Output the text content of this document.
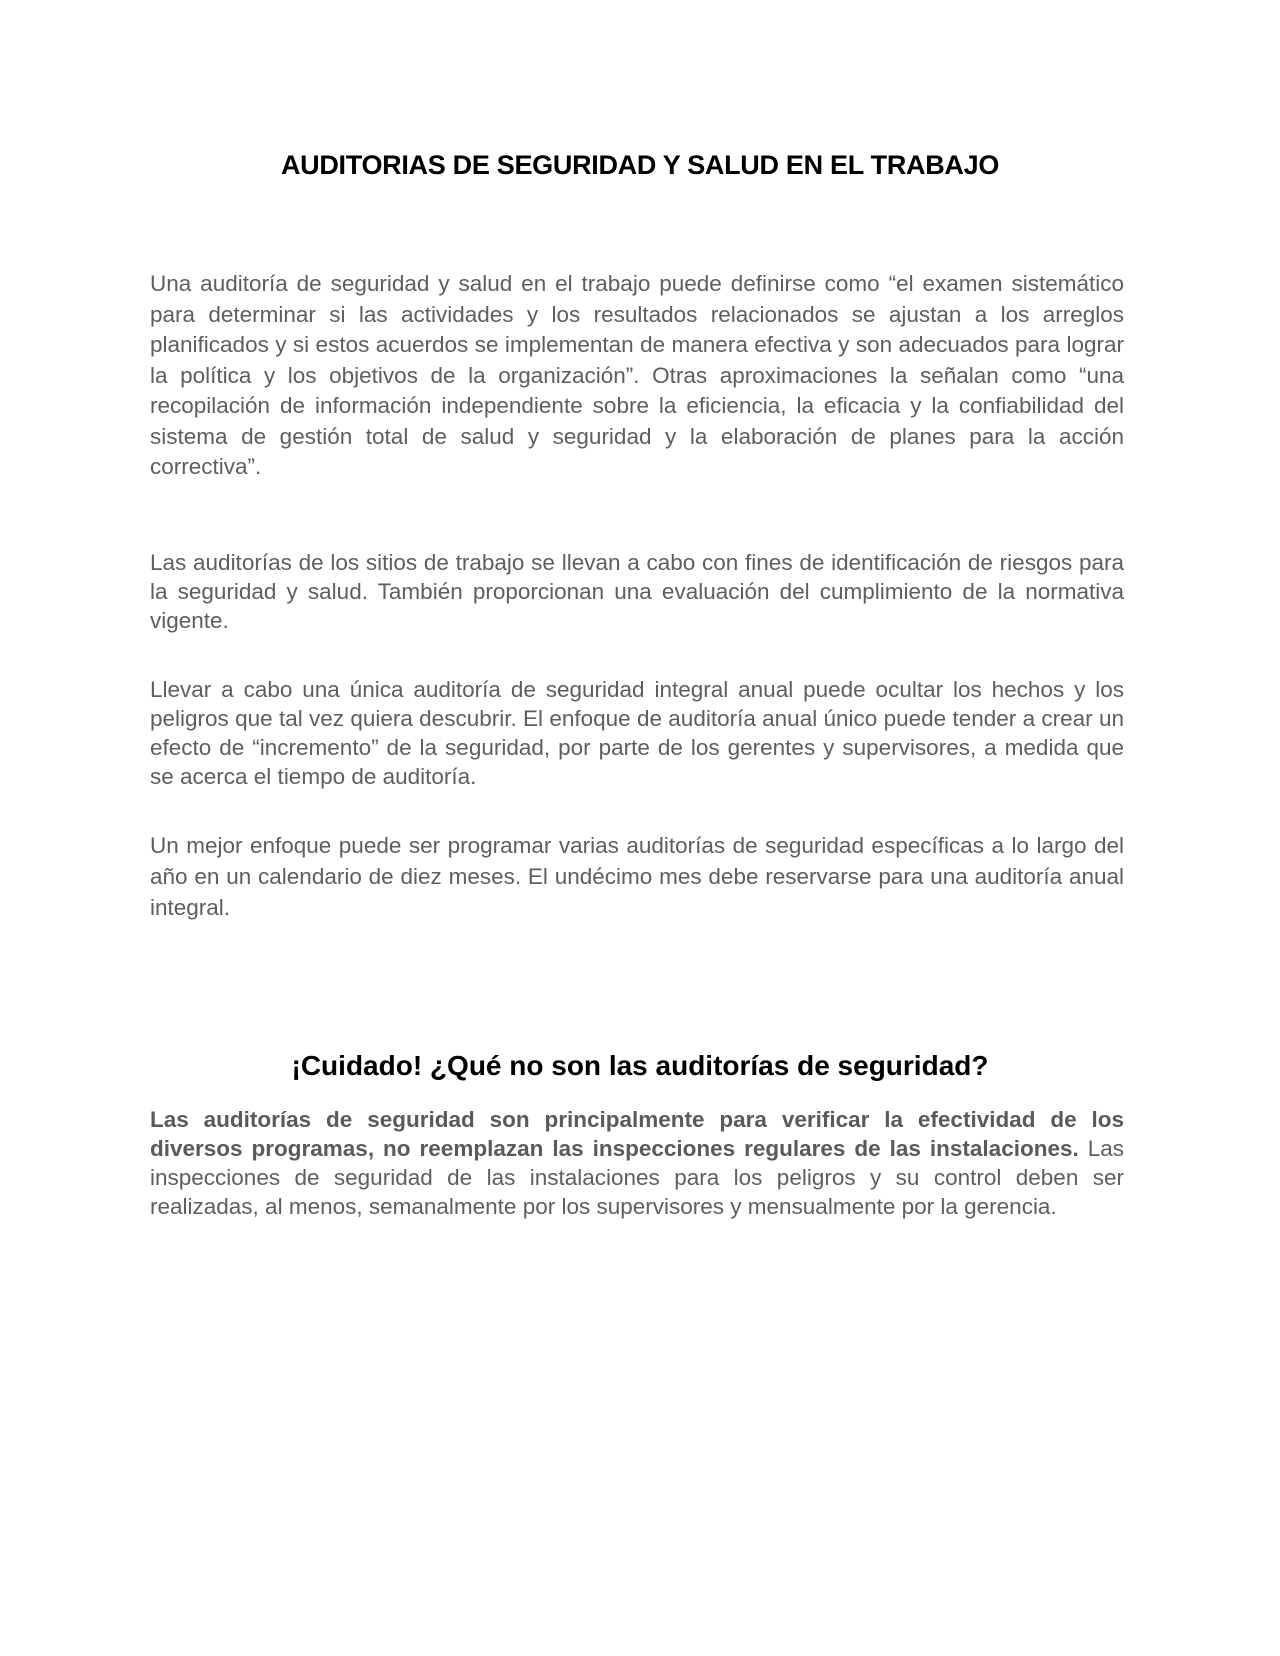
AUDITORIAS DE SEGURIDAD Y SALUD EN EL TRABAJO

Una auditoría de seguridad y salud en el trabajo puede definirse como “el examen sistemático para determinar si las actividades y los resultados relacionados se ajustan a los arreglos planificados y si estos acuerdos se implementan de manera efectiva y son adecuados para lograr la política y los objetivos de la organización”. Otras aproximaciones la señalan como “una recopilación de información independiente sobre la eficiencia, la eficacia y la confiabilidad del sistema de gestión total de salud y seguridad y la elaboración de planes para la acción correctiva”.

Las auditorías de los sitios de trabajo se llevan a cabo con fines de identificación de riesgos para la seguridad y salud. También proporcionan una evaluación del cumplimiento de la normativa vigente.

Llevar a cabo una única auditoría de seguridad integral anual puede ocultar los hechos y los peligros que tal vez quiera descubrir. El enfoque de auditoría anual único puede tender a crear un efecto de “incremento” de la seguridad, por parte de los gerentes y supervisores, a medida que se acerca el tiempo de auditoría.

Un mejor enfoque puede ser programar varias auditorías de seguridad específicas a lo largo del año en un calendario de diez meses. El undécimo mes debe reservarse para una auditoría anual integral.

¡Cuidado! ¿Qué no son las auditorías de seguridad?

Las auditorías de seguridad son principalmente para verificar la efectividad de los diversos programas, no reemplazan las inspecciones regulares de las instalaciones. Las inspecciones de seguridad de las instalaciones para los peligros y su control deben ser realizadas, al menos, semanalmente por los supervisores y mensualmente por la gerencia.
